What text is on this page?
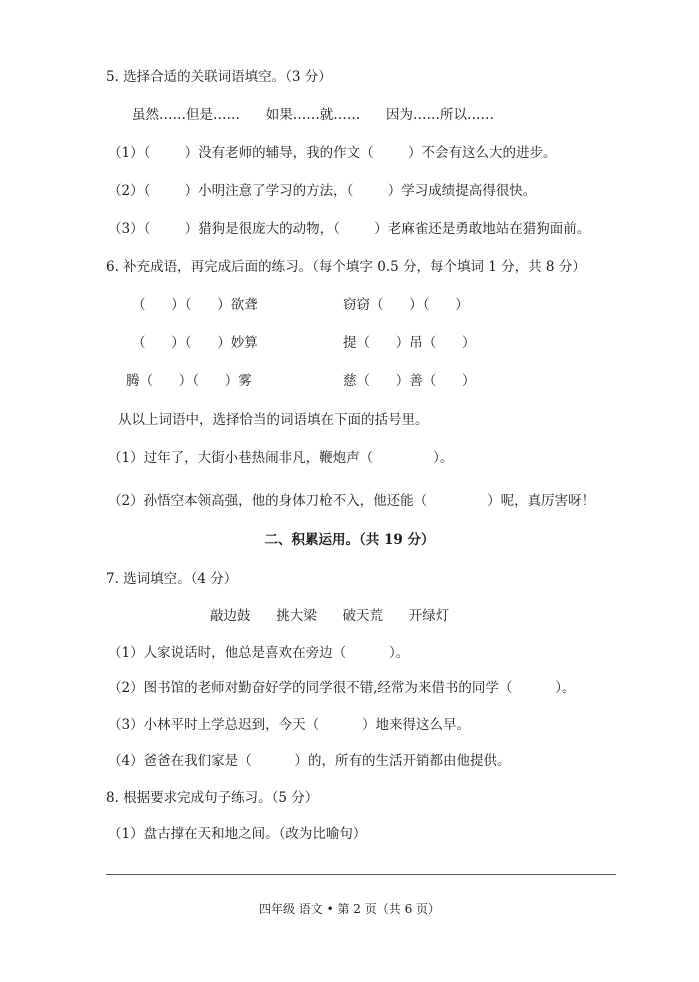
5. 选择合适的关联词语填空。（3 分）
虽然……但是……      如果……就……      因为……所以……
（1）（        ）没有老师的辅导，我的作文（        ）不会有这么大的进步。
（2）（        ）小明注意了学习的方法，（        ）学习成绩提高得很快。
（3）（        ）猎狗是很庞大的动物，（        ）老麻雀还是勇敢地站在猎狗面前。
6. 补充成语，再完成后面的练习。（每个填字 0.5 分，每个填词 1 分，共 8 分）
（      ）（      ）欲聋	窃窃（      ）（      ）
（      ）（      ）妙算	提（      ）吊（      ）
腾（      ）（      ）雾	慈（      ）善（      ）
从以上词语中，选择恰当的词语填在下面的括号里。
（1）过年了，大街小巷热闹非凡，鞭炮声（              ）。
（2）孙悟空本领高强，他的身体刀枪不入，他还能（              ）呢，真厉害呀！
二、积累运用。（共 19 分）
7. 选词填空。（4 分）
敲边鼓      挑大梁      破天荒      开绿灯
（1）人家说话时，他总是喜欢在旁边（          ）。
（2）图书馆的老师对勤奋好学的同学很不错,经常为来借书的同学（          ）。
（3）小林平时上学总迟到，今天（          ）地来得这么早。
（4）爸爸在我们家是（          ）的，所有的生活开销都由他提供。
8. 根据要求完成句子练习。（5 分）
（1）盘古撑在天和地之间。（改为比喻句）
四年级 语文 • 第 2 页（共 6 页）
